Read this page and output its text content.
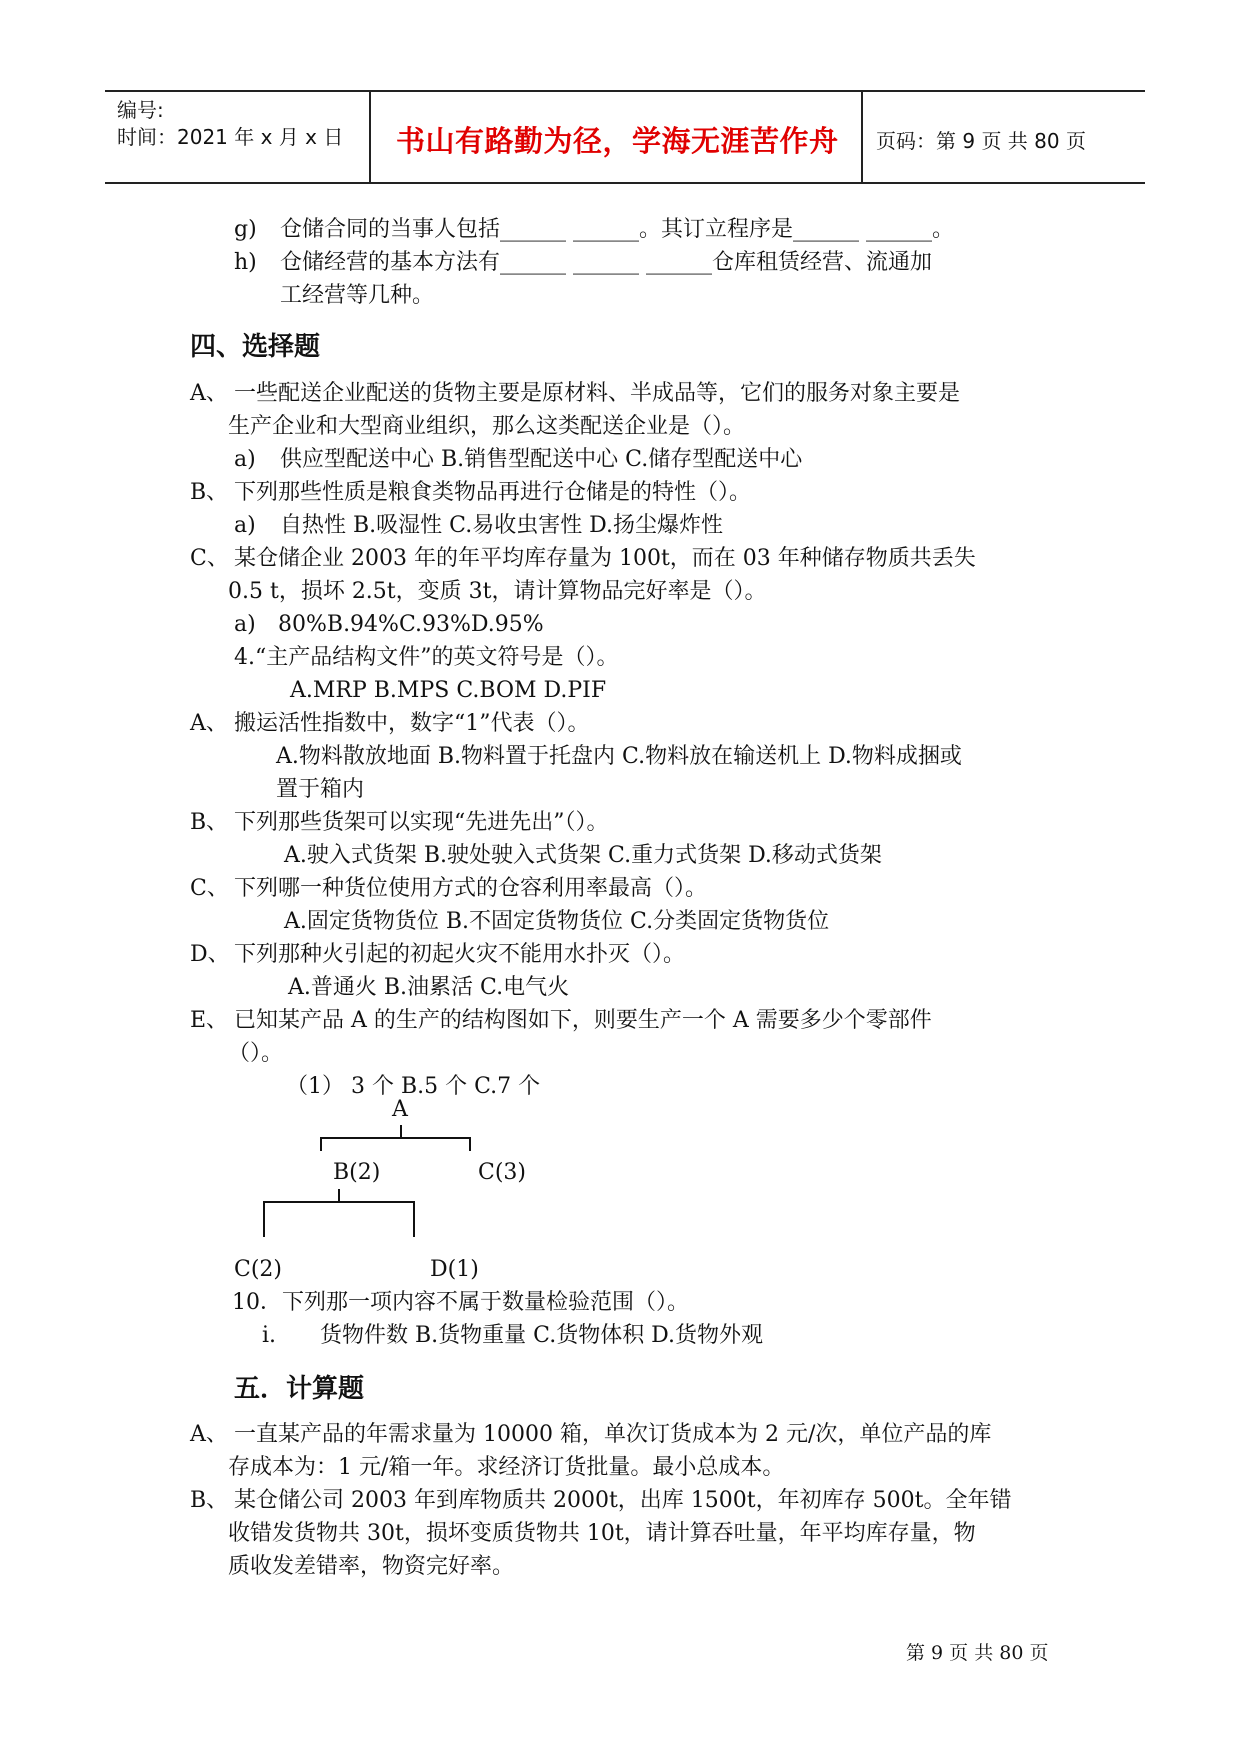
编号:
时间：2021 年 x 月 x 日 书山有路勤为径，学海无涯苦作舟 页码：第 9 页 共 80 页
g) 仓储合同的当事人包括______ ______。其订立程序是______ ______。
h) 仓储经营的基本方法有______ ______ ______仓库租赁经营、流通加
工经营等几种。
四、选择题
A、 一些配送企业配送的货物主要是原材料、半成品等，它们的服务对象主要是
生产企业和大型商业组织，那么这类配送企业是（）。
a) 供应型配送中心 B.销售型配送中心 C.储存型配送中心
B、 下列那些性质是粮食类物品再进行仓储是的特性（）。
a) 自热性 B.吸湿性 C.易收虫害性 D.扬尘爆炸性
C、 某仓储企业 2003 年的年平均库存量为 100t，而在 03 年种储存物质共丢失
0.5 t，损坏 2.5t，变质 3t，请计算物品完好率是（）。
a) 80%B.94%C.93%D.95%
4.“主产品结构文件”的英文符号是（）。
A.MRP B.MPS C.BOM D.PIF
A、 搬运活性指数中，数字“1”代表（）。
A.物料散放地面 B.物料置于托盘内 C.物料放在输送机上 D.物料成捆或
置于箱内
B、 下列那些货架可以实现“先进先出”（）。
A.驶入式货架 B.驶处驶入式货架 C.重力式货架 D.移动式货架
C、 下列哪一种货位使用方式的仓容利用率最高（）。
A.固定货物货位 B.不固定货物货位 C.分类固定货物货位
D、 下列那种火引起的初起火灾不能用水扑灭（）。
A.普通火 B.油累活 C.电气火
E、 已知某产品 A 的生产的结构图如下，则要生产一个 A 需要多少个零部件
（）。
（1） 3 个 B.5 个 C.7 个
A
B(2)	C(3)
C(2)	D(1)
10．下列那一项内容不属于数量检验范围（）。
i. 货物件数 B.货物重量 C.货物体积 D.货物外观
五．计算题
A、 一直某产品的年需求量为 10000 箱，单次订货成本为 2 元/次，单位产品的库
存成本为：1 元/箱一年。求经济订货批量。最小总成本。
B、 某仓储公司 2003 年到库物质共 2000t，出库 1500t，年初库存 500t。全年错
收错发货物共 30t，损坏变质货物共 10t，请计算吞吐量，年平均库存量，物
质收发差错率，物资完好率。
第 9 页 共 80 页
